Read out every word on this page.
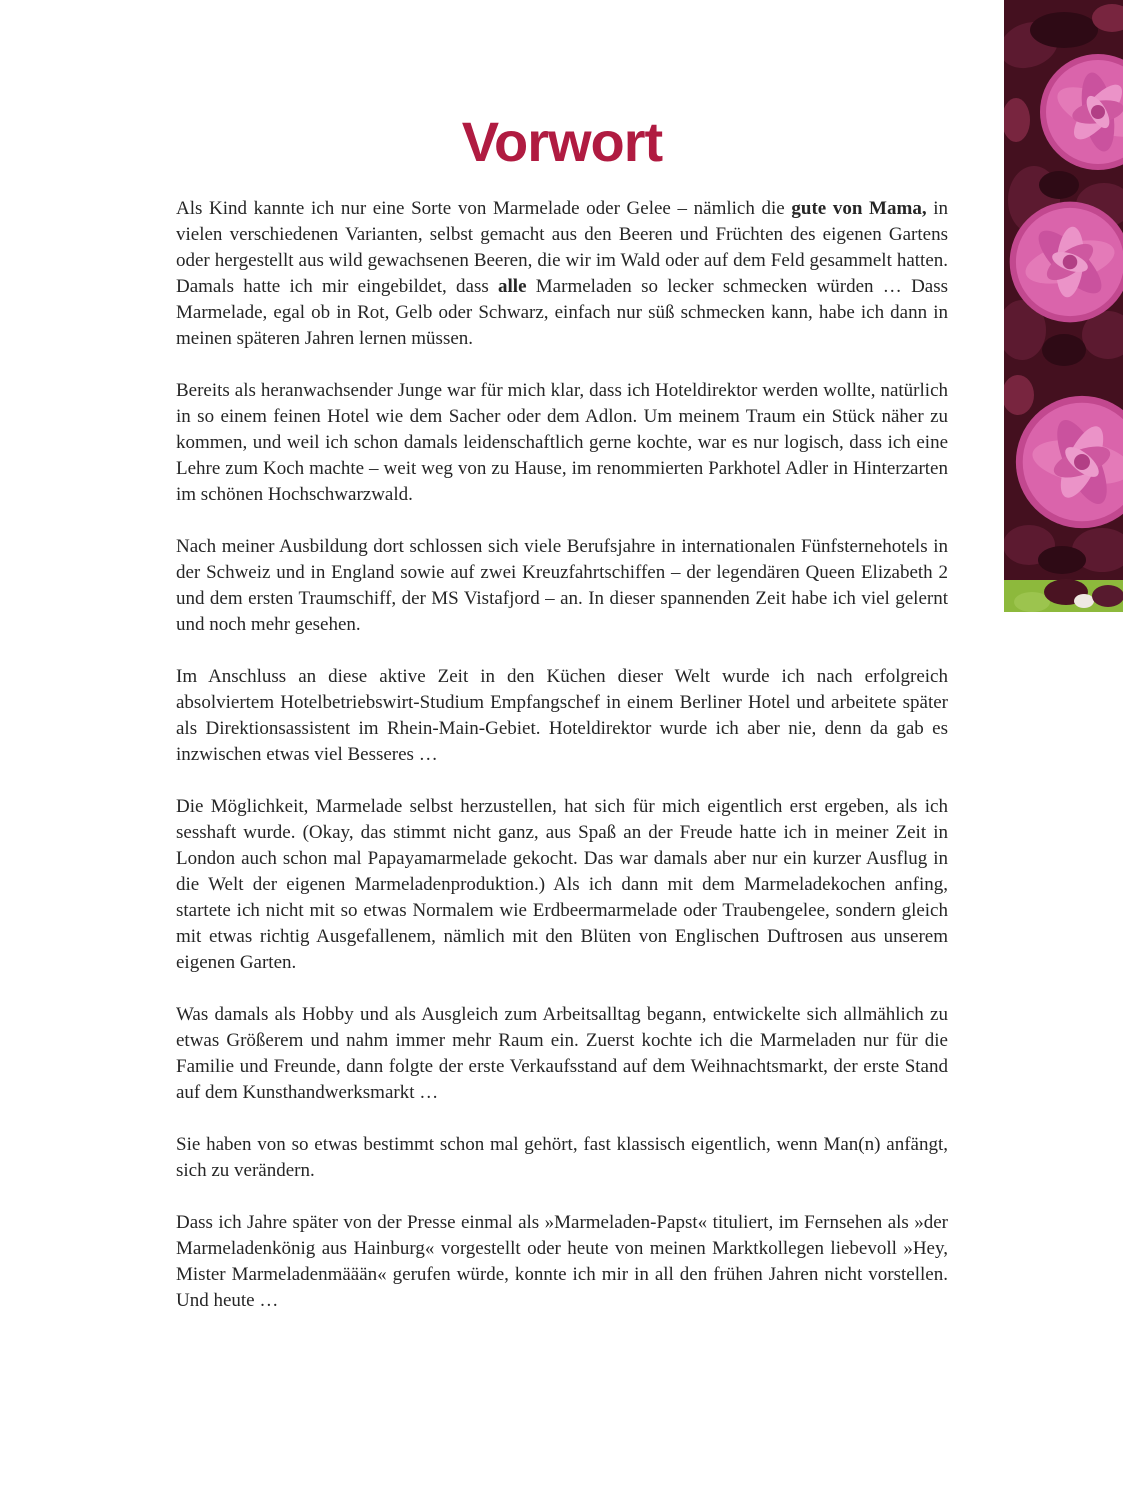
Vorwort

Als Kind kannte ich nur eine Sorte von Marmelade oder Gelee – nämlich die gute von Mama, in vielen verschiedenen Varianten, selbst gemacht aus den Beeren und Früchten des eigenen Gartens oder hergestellt aus wild gewachsenen Beeren, die wir im Wald oder auf dem Feld gesammelt hatten. Damals hatte ich mir eingebildet, dass alle Marmeladen so lecker schmecken würden … Dass Marmelade, egal ob in Rot, Gelb oder Schwarz, einfach nur süß schmecken kann, habe ich dann in meinen späteren Jahren lernen müssen.

Bereits als heranwachsender Junge war für mich klar, dass ich Hoteldirektor werden wollte, natürlich in so einem feinen Hotel wie dem Sacher oder dem Adlon. Um meinem Traum ein Stück näher zu kommen, und weil ich schon damals leidenschaftlich gerne kochte, war es nur logisch, dass ich eine Lehre zum Koch machte – weit weg von zu Hause, im renommierten Parkhotel Adler in Hinterzarten im schönen Hochschwarzwald.

Nach meiner Ausbildung dort schlossen sich viele Berufsjahre in internationalen Fünfsternehotels in der Schweiz und in England sowie auf zwei Kreuzfahrtschiffen – der legendären Queen Elizabeth 2 und dem ersten Traumschiff, der MS Vistafjord – an. In dieser spannenden Zeit habe ich viel gelernt und noch mehr gesehen.

Im Anschluss an diese aktive Zeit in den Küchen dieser Welt wurde ich nach erfolgreich absolviertem Hotelbetriebswirt-Studium Empfangschef in einem Berliner Hotel und arbeitete später als Direktionsassistent im Rhein-Main-Gebiet. Hoteldirektor wurde ich aber nie, denn da gab es inzwischen etwas viel Besseres …

Die Möglichkeit, Marmelade selbst herzustellen, hat sich für mich eigentlich erst ergeben, als ich sesshaft wurde. (Okay, das stimmt nicht ganz, aus Spaß an der Freude hatte ich in meiner Zeit in London auch schon mal Papayamarmelade gekocht. Das war damals aber nur ein kurzer Ausflug in die Welt der eigenen Marmeladenproduktion.) Als ich dann mit dem Marmeladekochen anfing, startete ich nicht mit so etwas Normalem wie Erdbeermarmelade oder Traubengelee, sondern gleich mit etwas richtig Ausgefallenem, nämlich mit den Blüten von Englischen Duftrosen aus unserem eigenen Garten.

Was damals als Hobby und als Ausgleich zum Arbeitsalltag begann, entwickelte sich allmählich zu etwas Größerem und nahm immer mehr Raum ein. Zuerst kochte ich die Marmeladen nur für die Familie und Freunde, dann folgte der erste Verkaufsstand auf dem Weihnachtsmarkt, der erste Stand auf dem Kunsthandwerksmarkt …

Sie haben von so etwas bestimmt schon mal gehört, fast klassisch eigentlich, wenn Man(n) anfängt, sich zu verändern.

Dass ich Jahre später von der Presse einmal als »Marmeladen-Papst« tituliert, im Fernsehen als »der Marmeladenkönig aus Hainburg« vorgestellt oder heute von meinen Marktkollegen liebevoll »Hey, Mister Marmeladenmäään« gerufen würde, konnte ich mir in all den frühen Jahren nicht vorstellen. Und heute …
